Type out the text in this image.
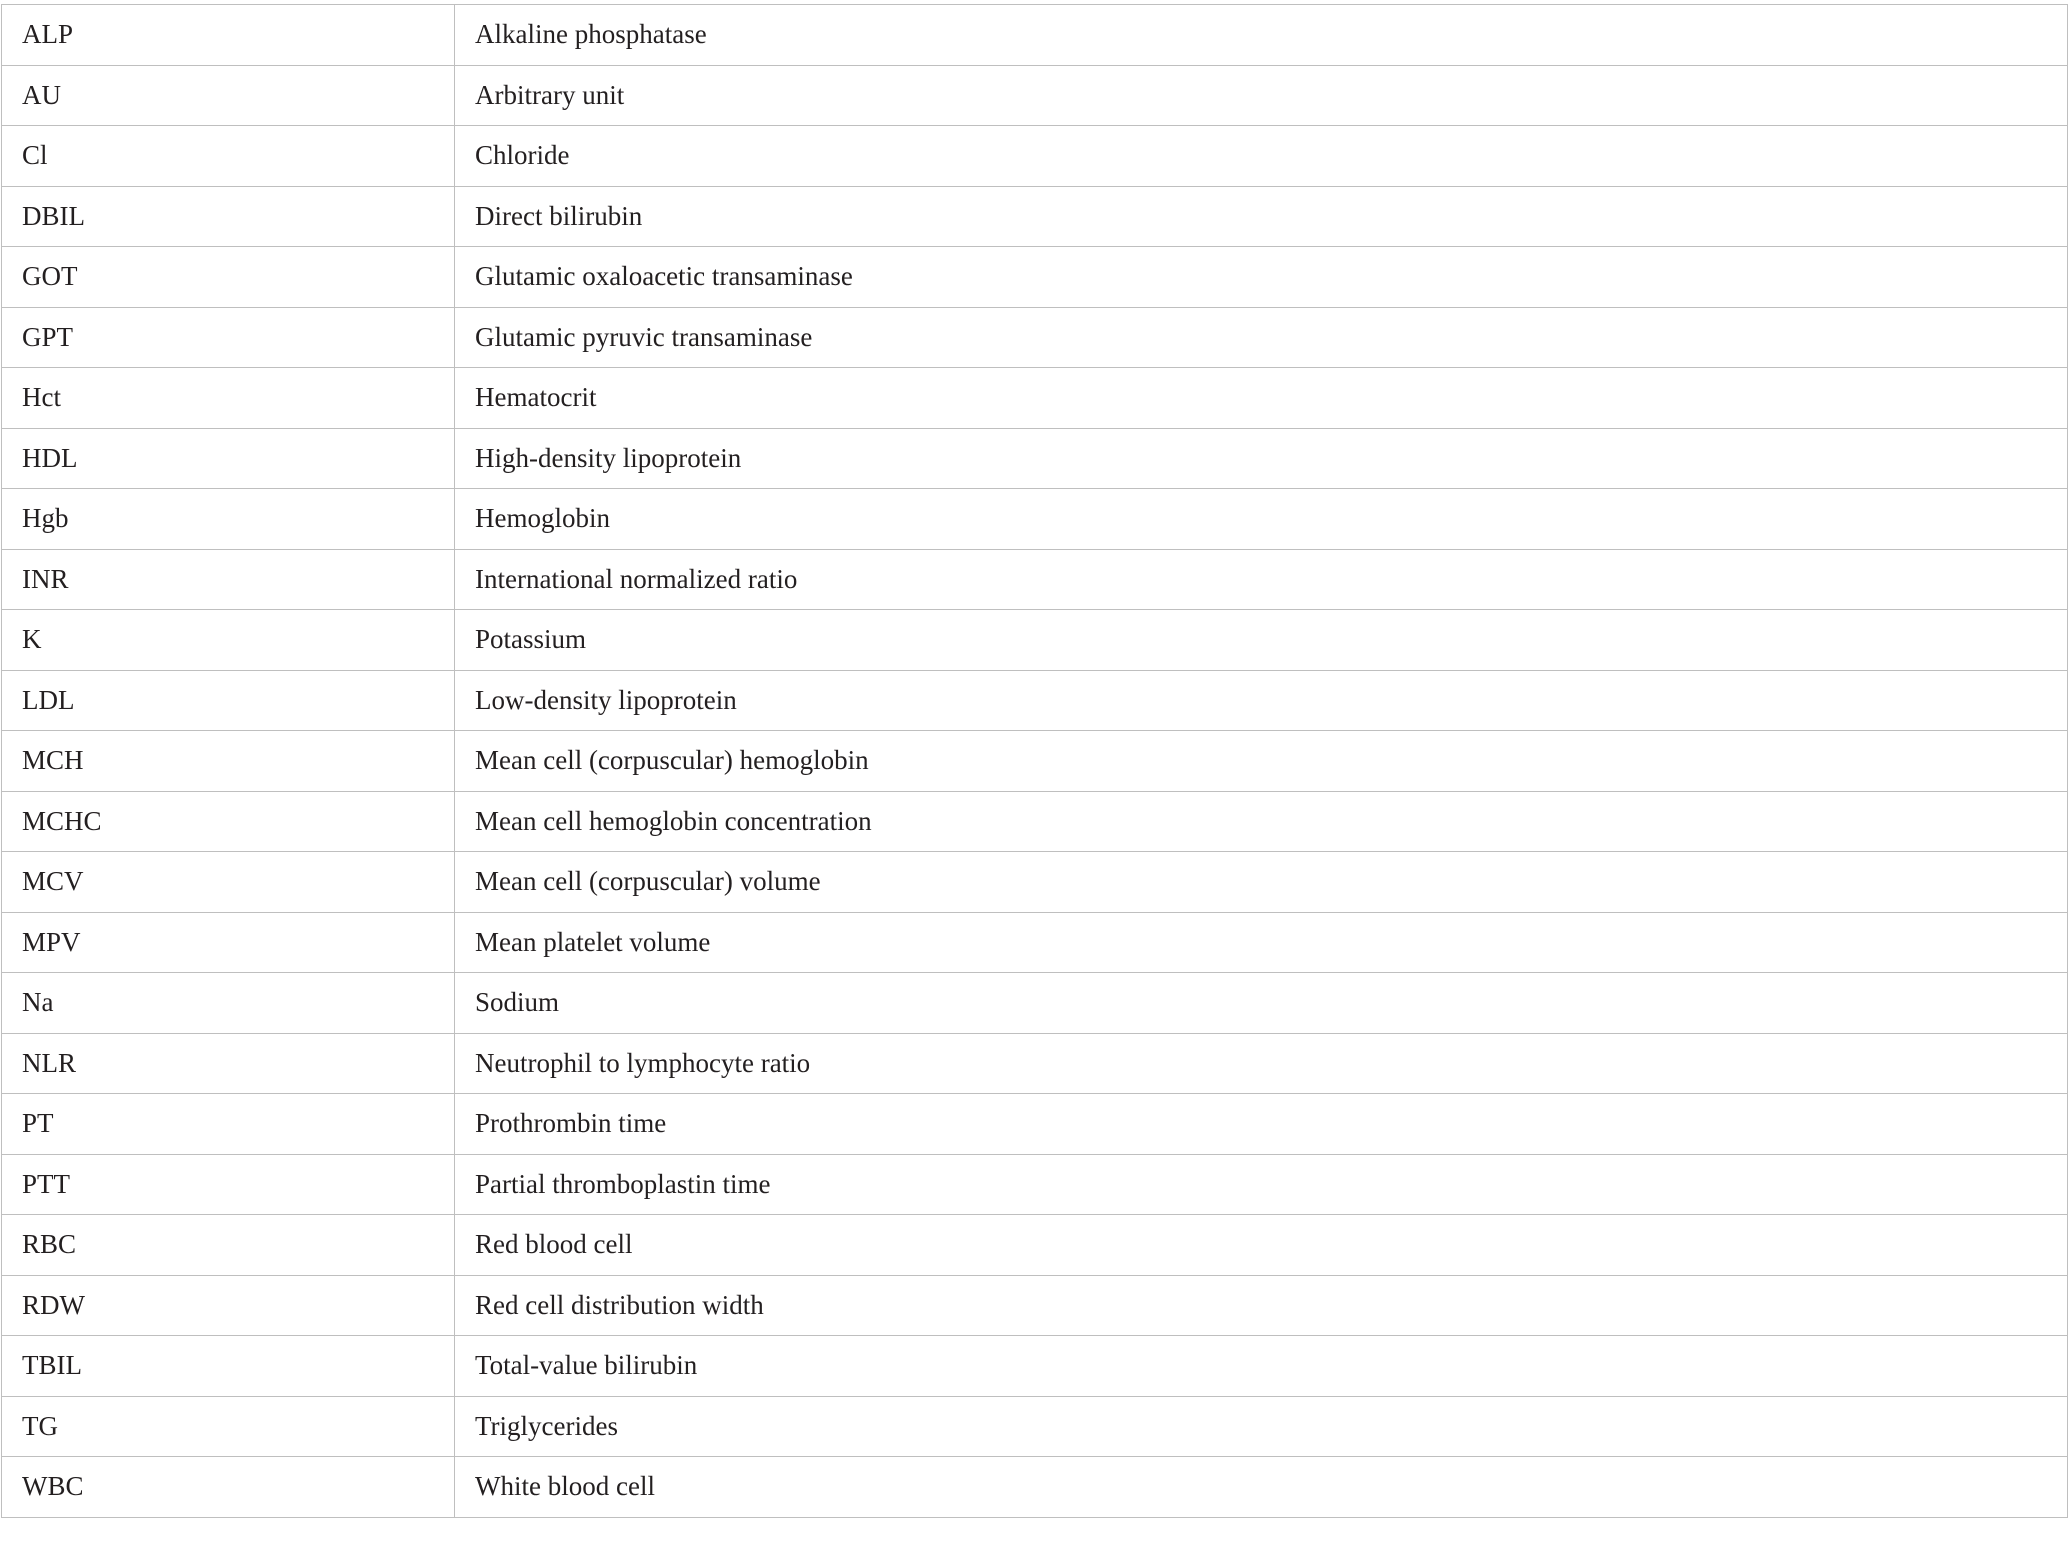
ALP	Alkaline phosphatase
AU	Arbitrary unit
Cl	Chloride
DBIL	Direct bilirubin
GOT	Glutamic oxaloacetic transaminase
GPT	Glutamic pyruvic transaminase
Hct	Hematocrit
HDL	High-density lipoprotein
Hgb	Hemoglobin
INR	International normalized ratio
K	Potassium
LDL	Low-density lipoprotein
MCH	Mean cell (corpuscular) hemoglobin
MCHC	Mean cell hemoglobin concentration
MCV	Mean cell (corpuscular) volume
MPV	Mean platelet volume
Na	Sodium
NLR	Neutrophil to lymphocyte ratio
PT	Prothrombin time
PTT	Partial thromboplastin time
RBC	Red blood cell
RDW	Red cell distribution width
TBIL	Total-value bilirubin
TG	Triglycerides
WBC	White blood cell
